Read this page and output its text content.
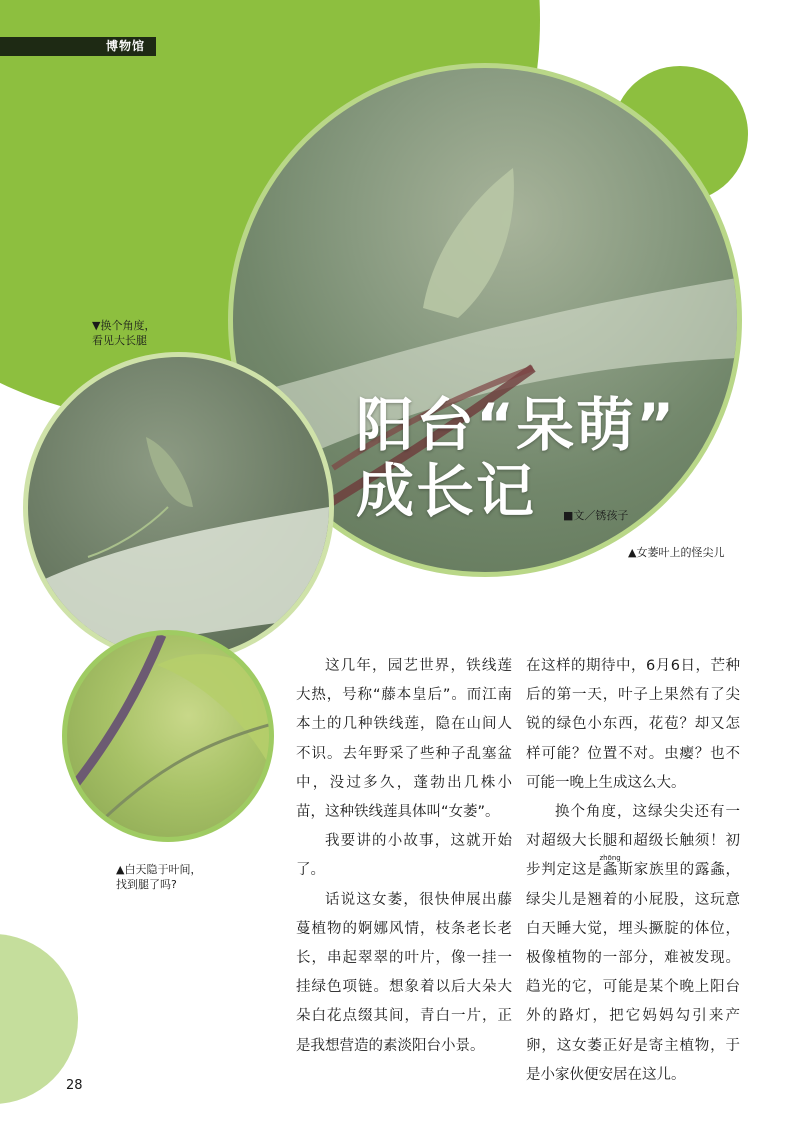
博物馆
阳台“呆萌”
成长记	■文／锈孩子
▲女萎叶上的怪尖儿
▼换个角度，
看见大长腿
▲白天隐于叶间，
找到腿了吗?

这几年，园艺世界，铁线莲大热，号称“藤本皇后”。而江南本土的几种铁线莲，隐在山间人不识。去年野采了些种子乱塞盆中，没过多久，蓬勃出几株小苗，这种铁线莲具体叫“女萎”。

我要讲的小故事，这就开始了。

话说这女萎，很快伸展出藤蔓植物的婀娜风情，枝条老长老长，串起翠翠的叶片，像一挂一挂绿色项链。想象着以后大朵大朵白花点缀其间，青白一片，正是我想营造的素淡阳台小景。

在这样的期待中，6月6日，芒种后的第一天，叶子上果然有了尖锐的绿色小东西，花苞？却又怎样可能？位置不对。虫瘿？也不可能一晚上生成这么大。

换个角度，这绿尖尖还有一对超级大长腿和超级长触须！初步判定这是螽zhōng斯家族里的露螽，绿尖儿是翘着的小屁股，这玩意白天睡大觉，埋头撅腚的体位，极像植物的一部分，难被发现。趋光的它，可能是某个晚上阳台外的路灯，把它妈妈勾引来产卵，这女萎正好是寄主植物，于是小家伙便安居在这儿。

28
